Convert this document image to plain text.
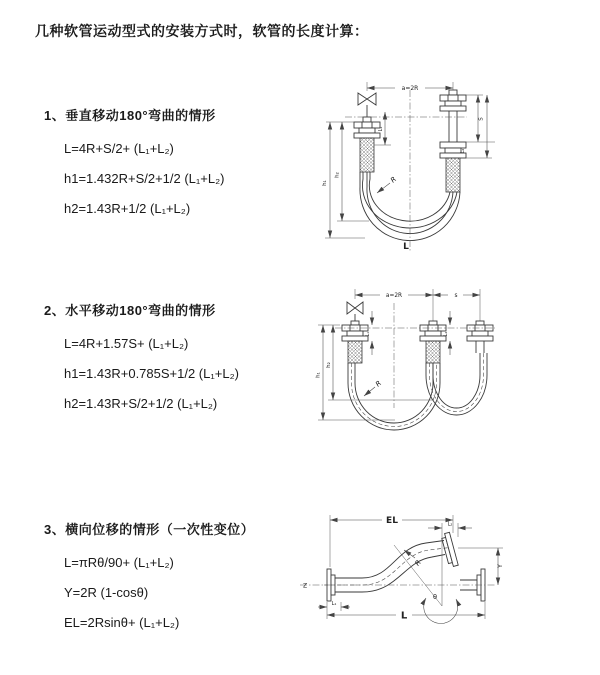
几种软管运动型式的安装方式时，软管的长度计算：
1、垂直移动180°弯曲的情形
L=4R+S/2+ (L₁+L₂)
h1=1.432R+S/2+1/2 (L₁+L₂)
h2=1.43R+1/2 (L₁+L₂)
2、水平移动180°弯曲的情形
L=4R+1.57S+ (L₁+L₂)
h1=1.43R+0.785S+1/2 (L₁+L₂)
h2=1.43R+S/2+1/2 (L₁+L₂)
3、横向位移的情形（一次性变位）
L=πRθ/90+ (L₁+L₂)
Y=2R (1-cosθ)
EL=2Rsinθ+ (L₁+L₂)
a=2R
h₁
h₂
L₁
S
L₂
R
L
a=2R	s
h₁
h₂
L₁	L₂
R
EL	L₂
Z
θ
R	Y
L
L₁
